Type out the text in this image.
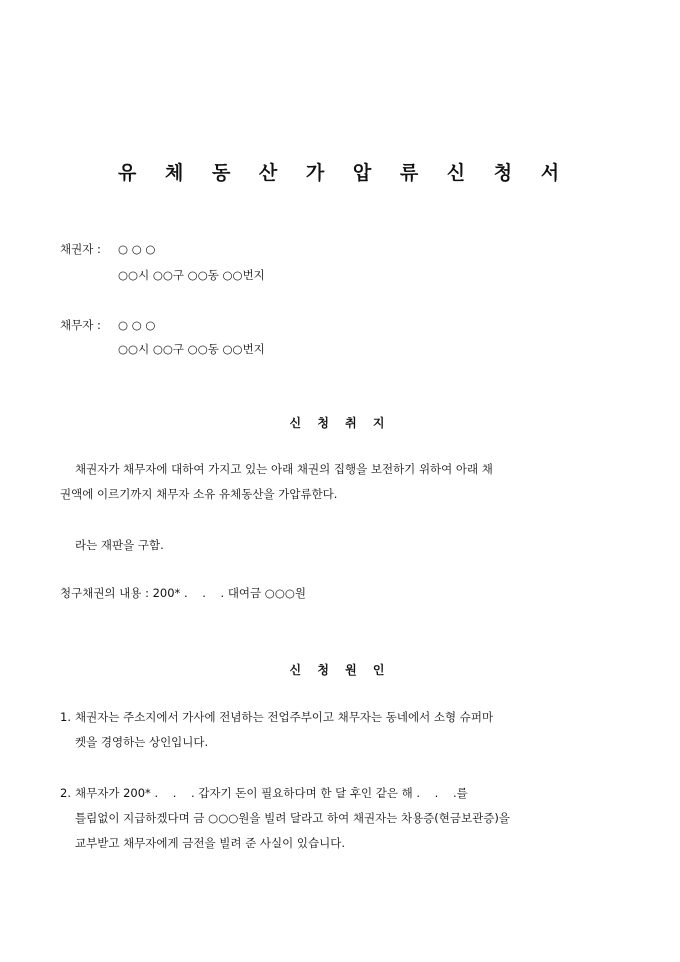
유 체 동 산 가 압 류 신 청 서
채권자 : ○ ○ ○
○○시 ○○구 ○○동 ○○번지
채무자 : ○ ○ ○
○○시 ○○구 ○○동 ○○번지
신 청 취 지
채권자가 채무자에 대하여 가지고 있는 아래 채권의 집행을 보전하기 위하여 아래 채
권액에 이르기까지 채무자 소유 유체동산을 가압류한다.
라는 재판을 구함.
청구채권의 내용 : 200* .    .    . 대여금 ○○○원
신 청 원 인
1. 채권자는 주소지에서 가사에 전념하는 전업주부이고 채무자는 동네에서 소형 슈퍼마
켓을 경영하는 상인입니다.
2. 채무자가 200* .    .    . 갑자기 돈이 필요하다며 한 달 후인 같은 해 .    .    .를
틀림없이 지급하겠다며 금 ○○○원을 빌려 달라고 하여 채권자는 차용증(현금보관증)을
교부받고 채무자에게 금전을 빌려 준 사실이 있습니다.
